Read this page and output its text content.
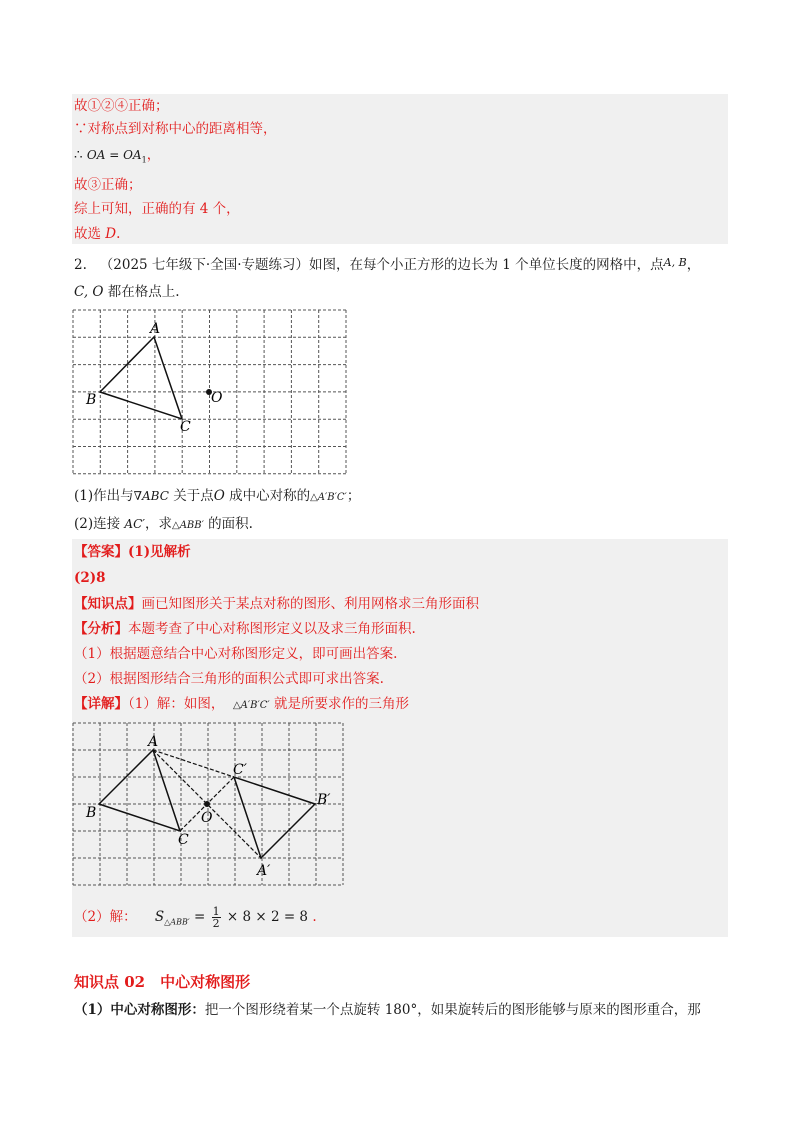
故①②④正确；
∵对称点到对称中心的距离相等，
∴ OA = $OA_1$，
故③正确；
综上可知，正确的有 4 个，
故选 D.
2. （2025 七年级下·全国·专题练习）如图，在每个小正方形的边长为 1 个单位长度的网格中，点$^{A, B}$，
C, O 都在格点上.
A
B
C
O
(1)作出与∇ABC 关于点O 成中心对称的△A′B′C′；
(2)连接 AC′，求△ABB′ 的面积.
【答案】(1)见解析
(2)8
【知识点】画已知图形关于某点对称的图形、利用网格求三角形面积
【分析】本题考查了中心对称图形定义以及求三角形面积.
（1）根据题意结合中心对称图形定义，即可画出答案.
（2）根据图形结合三角形的面积公式即可求出答案.
【详解】（1）解：如图， △A′B′C′ 就是所要求作的三角形
A
B
C
O
A′
B′
C′
（2）解： $S_{\triangle ABB'} = \frac{1}{2} \times 8 \times 2 = 8$ .
知识点 02　中心对称图形
（1）中心对称图形：把一个图形绕着某一个点旋转 180°，如果旋转后的图形能够与原来的图形重合，那
